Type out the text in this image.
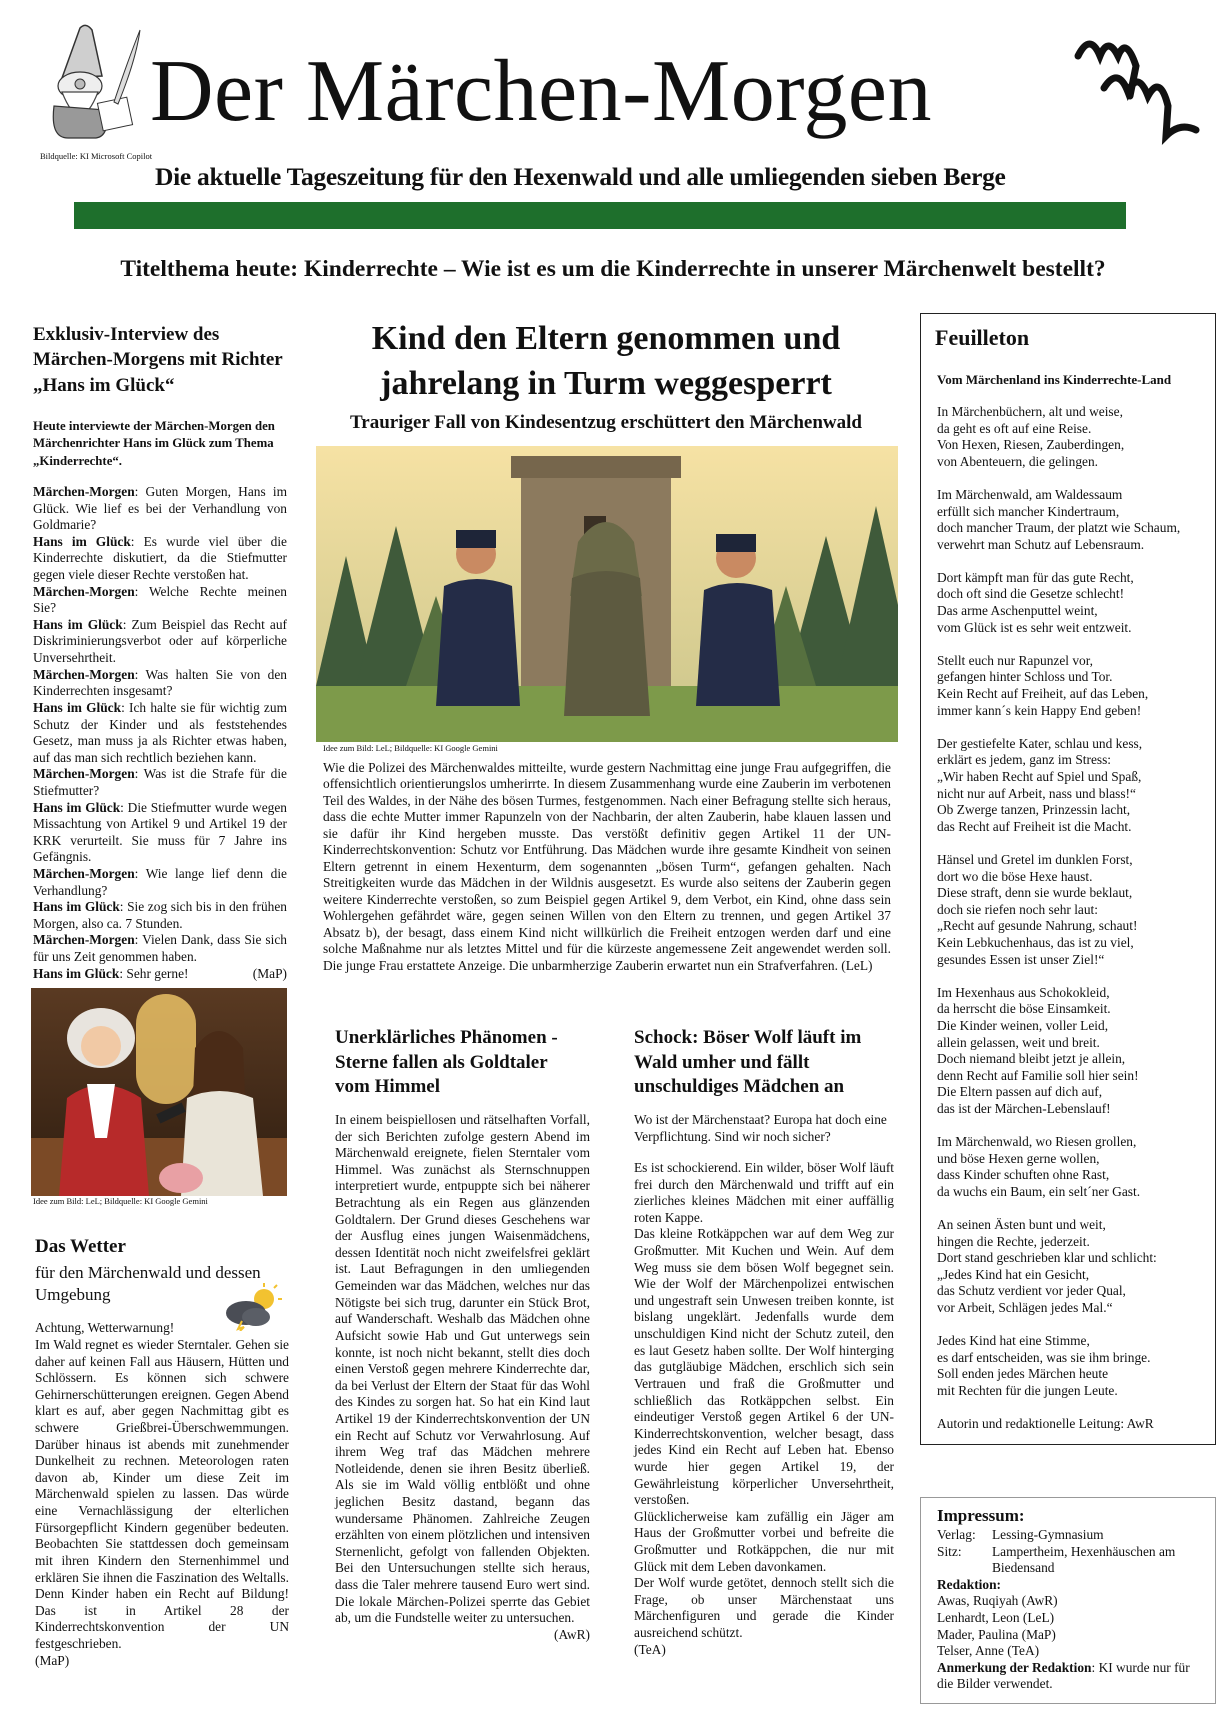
Bildquelle: KI Microsoft Copilot
Der Märchen-Morgen
Die aktuelle Tageszeitung für den Hexenwald und alle umliegenden sieben Berge
Titelthema heute: Kinderrechte – Wie ist es um die Kinderrechte in unserer Märchenwelt bestellt?
Exklusiv-Interview des Märchen-Morgens mit Richter „Hans im Glück“
Heute interviewte der Märchen-Morgen den Märchenrichter Hans im Glück zum Thema „Kinderrechte“.

Märchen-Morgen: Guten Morgen, Hans im Glück. Wie lief es bei der Verhandlung von Goldmarie?

Hans im Glück: Es wurde viel über die Kinderrechte diskutiert, da die Stiefmutter gegen viele dieser Rechte verstoßen hat.

Märchen-Morgen: Welche Rechte meinen Sie?

Hans im Glück: Zum Beispiel das Recht auf Diskriminierungsverbot oder auf körperliche Unversehrtheit.

Märchen-Morgen: Was halten Sie von den Kinderrechten insgesamt?

Hans im Glück: Ich halte sie für wichtig zum Schutz der Kinder und als feststehendes Gesetz, man muss ja als Richter etwas haben, auf das man sich rechtlich beziehen kann.

Märchen-Morgen: Was ist die Strafe für die Stiefmutter?

Hans im Glück: Die Stiefmutter wurde wegen Missachtung von Artikel 9 und Artikel 19 der KRK verurteilt. Sie muss für 7 Jahre ins Gefängnis.

Märchen-Morgen: Wie lange lief denn die Verhandlung?

Hans im Glück: Sie zog sich bis in den frühen Morgen, also ca. 7 Stunden.

Märchen-Morgen: Vielen Dank, dass Sie sich für uns Zeit genommen haben.

Hans im Glück: Sehr gerne!	(MaP)

Idee zum Bild: LeL; Bildquelle: KI Google Gemini
Das Wetter
für den Märchenwald und dessen Umgebung
Achtung, Wetterwarnung!
Im Wald regnet es wieder Sterntaler. Gehen sie daher auf keinen Fall aus Häusern, Hütten und Schlössern. Es können sich schwere Gehirnerschütterungen ereignen. Gegen Abend klart es auf, aber gegen Nachmittag gibt es schwere Grießbrei-Überschwemmungen. Darüber hinaus ist abends mit zunehmender Dunkelheit zu rechnen. Meteorologen raten davon ab, Kinder um diese Zeit im Märchenwald spielen zu lassen. Das würde eine Vernachlässigung der elterlichen Fürsorgepflicht Kindern gegenüber bedeuten. Beobachten Sie stattdessen doch gemeinsam mit ihren Kindern den Sternenhimmel und erklären Sie ihnen die Faszination des Weltalls. Denn Kinder haben ein Recht auf Bildung! Das ist in Artikel 28 der Kinderrechtskonvention der UN festgeschrieben.
(MaP)
Kind den Eltern genommen und jahrelang in Turm weggesperrt
Trauriger Fall von Kindesentzug erschüttert den Märchenwald
Idee zum Bild: LeL; Bildquelle: KI Google Gemini
Wie die Polizei des Märchenwaldes mitteilte, wurde gestern Nachmittag eine junge Frau aufgegriffen, die offensichtlich orientierungslos umherirrte. In diesem Zusammenhang wurde eine Zauberin im verbotenen Teil des Waldes, in der Nähe des bösen Turmes, festgenommen. Nach einer Befragung stellte sich heraus, dass die echte Mutter immer Rapunzeln von der Nachbarin, der alten Zauberin, habe klauen lassen und sie dafür ihr Kind hergeben musste. Das verstößt definitiv gegen Artikel 11 der UN-Kinderrechtskonvention: Schutz vor Entführung. Das Mädchen wurde ihre gesamte Kindheit von seinen Eltern getrennt in einem Hexenturm, dem sogenannten „bösen Turm“, gefangen gehalten. Nach Streitigkeiten wurde das Mädchen in der Wildnis ausgesetzt. Es wurde also seitens der Zauberin gegen weitere Kinderrechte verstoßen, so zum Beispiel gegen Artikel 9, dem Verbot, ein Kind, ohne dass sein Wohlergehen gefährdet wäre, gegen seinen Willen von den Eltern zu trennen, und gegen Artikel 37 Absatz b), der besagt, dass einem Kind nicht willkürlich die Freiheit entzogen werden darf und eine solche Maßnahme nur als letztes Mittel und für die kürzeste angemessene Zeit angewendet werden soll. Die junge Frau erstattete Anzeige. Die unbarmherzige Zauberin erwartet nun ein Strafverfahren. (LeL)
Unerklärliches Phänomen - Sterne fallen als Goldtaler vom Himmel
In einem beispiellosen und rätselhaften Vorfall, der sich Berichten zufolge gestern Abend im Märchenwald ereignete, fielen Sterntaler vom Himmel. Was zunächst als Sternschnuppen interpretiert wurde, entpuppte sich bei näherer Betrachtung als ein Regen aus glänzenden Goldtalern. Der Grund dieses Geschehens war der Ausflug eines jungen Waisenmädchens, dessen Identität noch nicht zweifelsfrei geklärt ist. Laut Befragungen in den umliegenden Gemeinden war das Mädchen, welches nur das Nötigste bei sich trug, darunter ein Stück Brot, auf Wanderschaft. Weshalb das Mädchen ohne Aufsicht sowie Hab und Gut unterwegs sein konnte, ist noch nicht bekannt, stellt dies doch einen Verstoß gegen mehrere Kinderrechte dar, da bei Verlust der Eltern der Staat für das Wohl des Kindes zu sorgen hat. So hat ein Kind laut Artikel 19 der Kinderrechtskonvention der UN ein Recht auf Schutz vor Verwahrlosung. Auf ihrem Weg traf das Mädchen mehrere Notleidende, denen sie ihren Besitz überließ. Als sie im Wald völlig entblößt und ohne jeglichen Besitz dastand, begann das wundersame Phänomen. Zahlreiche Zeugen erzählten von einem plötzlichen und intensiven Sternenlicht, gefolgt von fallenden Objekten. Bei den Untersuchungen stellte sich heraus, dass die Taler mehrere tausend Euro wert sind. Die lokale Märchen-Polizei sperrte das Gebiet ab, um die Fundstelle weiter zu untersuchen.
(AwR)
Schock: Böser Wolf läuft im Wald umher und fällt unschuldiges Mädchen an
Wo ist der Märchenstaat? Europa hat doch eine Verpflichtung. Sind wir noch sicher?

Es ist schockierend. Ein wilder, böser Wolf läuft frei durch den Märchenwald und trifft auf ein zierliches kleines Mädchen mit einer auffällig roten Kappe.

Das kleine Rotkäppchen war auf dem Weg zur Großmutter. Mit Kuchen und Wein. Auf dem Weg muss sie dem bösen Wolf begegnet sein. Wie der Wolf der Märchenpolizei entwischen und ungestraft sein Unwesen treiben konnte, ist bislang ungeklärt. Jedenfalls wurde dem unschuldigen Kind nicht der Schutz zuteil, den es laut Gesetz haben sollte. Der Wolf hinterging das gutgläubige Mädchen, erschlich sich sein Vertrauen und fraß die Großmutter und schließlich das Rotkäppchen selbst. Ein eindeutiger Verstoß gegen Artikel 6 der UN-Kinderrechtskonvention, welcher besagt, dass jedes Kind ein Recht auf Leben hat. Ebenso wurde hier gegen Artikel 19, der Gewährleistung körperlicher Unversehrtheit, verstoßen.

Glücklicherweise kam zufällig ein Jäger am Haus der Großmutter vorbei und befreite die Großmutter und Rotkäppchen, die nur mit Glück mit dem Leben davonkamen.

Der Wolf wurde getötet, dennoch stellt sich die Frage, ob unser Märchenstaat uns Märchenfiguren und gerade die Kinder ausreichend schützt.

(TeA)

Feuilleton
Vom Märchenland ins Kinderrechte-Land
In Märchenbüchern, alt und weise,
da geht es oft auf eine Reise.
Von Hexen, Riesen, Zauberdingen,
von Abenteuern, die gelingen.
Im Märchenwald, am Waldessaum
erfüllt sich mancher Kindertraum,
doch mancher Traum, der platzt wie Schaum,
verwehrt man Schutz auf Lebensraum.
Dort kämpft man für das gute Recht,
doch oft sind die Gesetze schlecht!
Das arme Aschenputtel weint,
vom Glück ist es sehr weit entzweit.
Stellt euch nur Rapunzel vor,
gefangen hinter Schloss und Tor.
Kein Recht auf Freiheit, auf das Leben,
immer kann´s kein Happy End geben!
Der gestiefelte Kater, schlau und kess,
erklärt es jedem, ganz im Stress:
„Wir haben Recht auf Spiel und Spaß,
nicht nur auf Arbeit, nass und blass!“
Ob Zwerge tanzen, Prinzessin lacht,
das Recht auf Freiheit ist die Macht.
Hänsel und Gretel im dunklen Forst,
dort wo die böse Hexe haust.
Diese straft, denn sie wurde beklaut,
doch sie riefen noch sehr laut:
„Recht auf gesunde Nahrung, schaut!
Kein Lebkuchenhaus, das ist zu viel,
gesundes Essen ist unser Ziel!“
Im Hexenhaus aus Schokokleid,
da herrscht die böse Einsamkeit.
Die Kinder weinen, voller Leid,
allein gelassen, weit und breit.
Doch niemand bleibt jetzt je allein,
denn Recht auf Familie soll hier sein!
Die Eltern passen auf dich auf,
das ist der Märchen-Lebenslauf!
Im Märchenwald, wo Riesen grollen,
und böse Hexen gerne wollen,
dass Kinder schuften ohne Rast,
da wuchs ein Baum, ein selt´ner Gast.
An seinen Ästen bunt und weit,
hingen die Rechte, jederzeit.
Dort stand geschrieben klar und schlicht:
„Jedes Kind hat ein Gesicht,
das Schutz verdient vor jeder Qual,
vor Arbeit, Schlägen jedes Mal.“
Jedes Kind hat eine Stimme,
es darf entscheiden, was sie ihm bringe.
Soll enden jedes Märchen heute
mit Rechten für die jungen Leute.
Autorin und redaktionelle Leitung: AwR
Impressum:
Verlag:	Lessing-Gymnasium
Sitz:	Lampertheim, Hexenhäuschen am Biedensand
Redaktion:
Awas, Ruqiyah (AwR)
Lenhardt, Leon (LeL)
Mader, Paulina (MaP)
Telser, Anne (TeA)
Anmerkung der Redaktion: KI wurde nur für die Bilder verwendet.
